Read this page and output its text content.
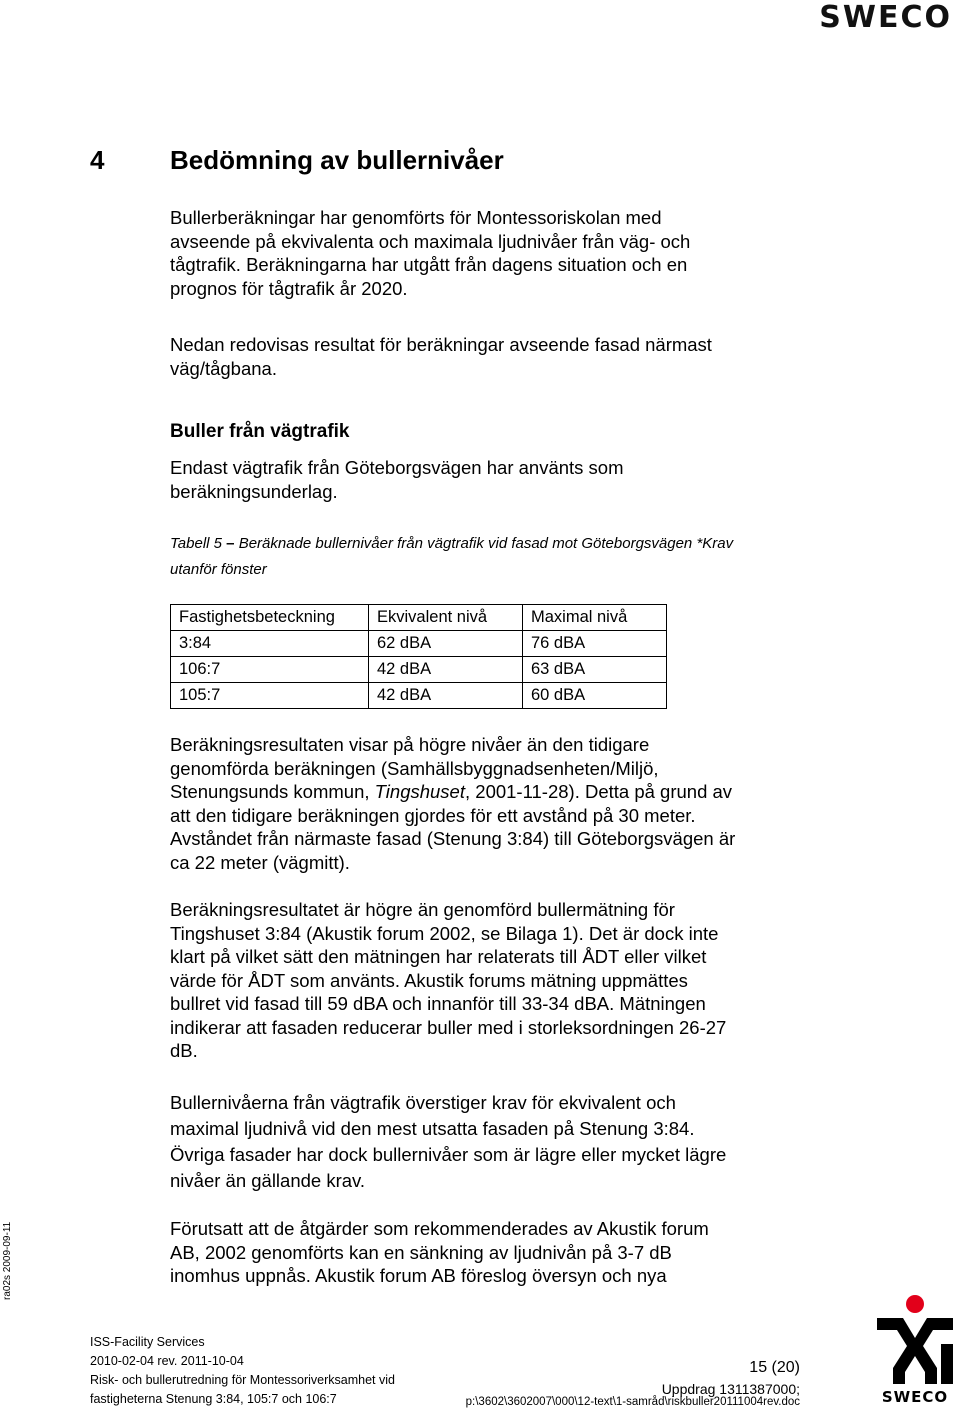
SWECO
4	Bedömning av bullernivåer
Bullerberäkningar har genomförts för Montessoriskolan med
avseende på ekvivalenta och maximala ljudnivåer från väg- och
tågtrafik. Beräkningarna har utgått från dagens situation och en
prognos för tågtrafik år 2020.
Nedan redovisas resultat för beräkningar avseende fasad närmast
väg/tågbana.
Buller från vägtrafik
Endast vägtrafik från Göteborgsvägen har använts som
beräkningsunderlag.
Tabell 5 – Beräknade bullernivåer från vägtrafik vid fasad mot Göteborgsvägen *Krav
utanför fönster
Fastighetsbeteckning	Ekvivalent nivå	Maximal nivå
3:84	62 dBA	76 dBA
106:7	42 dBA	63 dBA
105:7	42 dBA	60 dBA
Beräkningsresultaten visar på högre nivåer än den tidigare
genomförda beräkningen (Samhällsbyggnadsenheten/Miljö,
Stenungsunds kommun, Tingshuset, 2001-11-28). Detta på grund av
att den tidigare beräkningen gjordes för ett avstånd på 30 meter.
Avståndet från närmaste fasad (Stenung 3:84) till Göteborgsvägen är
ca 22 meter (vägmitt).
Beräkningsresultatet är högre än genomförd bullermätning för
Tingshuset 3:84 (Akustik forum 2002, se Bilaga 1). Det är dock inte
klart på vilket sätt den mätningen har relaterats till ÅDT eller vilket
värde för ÅDT som använts. Akustik forums mätning uppmättes
bullret vid fasad till 59 dBA och innanför till 33-34 dBA. Mätningen
indikerar att fasaden reducerar buller med i storleksordningen 26-27
dB.
Bullernivåerna från vägtrafik överstiger krav för ekvivalent och
maximal ljudnivå vid den mest utsatta fasaden på Stenung 3:84.
Övriga fasader har dock bullernivåer som är lägre eller mycket lägre
nivåer än gällande krav.
Förutsatt att de åtgärder som rekommenderades av Akustik forum
AB, 2002 genomförts kan en sänkning av ljudnivån på 3-7 dB
inomhus uppnås. Akustik forum AB föreslog översyn och nya
ra02s 2009-09-11
ISS-Facility Services
2010-02-04 rev. 2011-10-04
Risk- och bullerutredning för Montessoriverksamhet vid
fastigheterna Stenung 3:84, 105:7 och 106:7
15 (20)
Uppdrag 1311387000;
p:\3602\3602007\000\12-text\1-samråd\riskbuller20111004rev.doc	SWECO
